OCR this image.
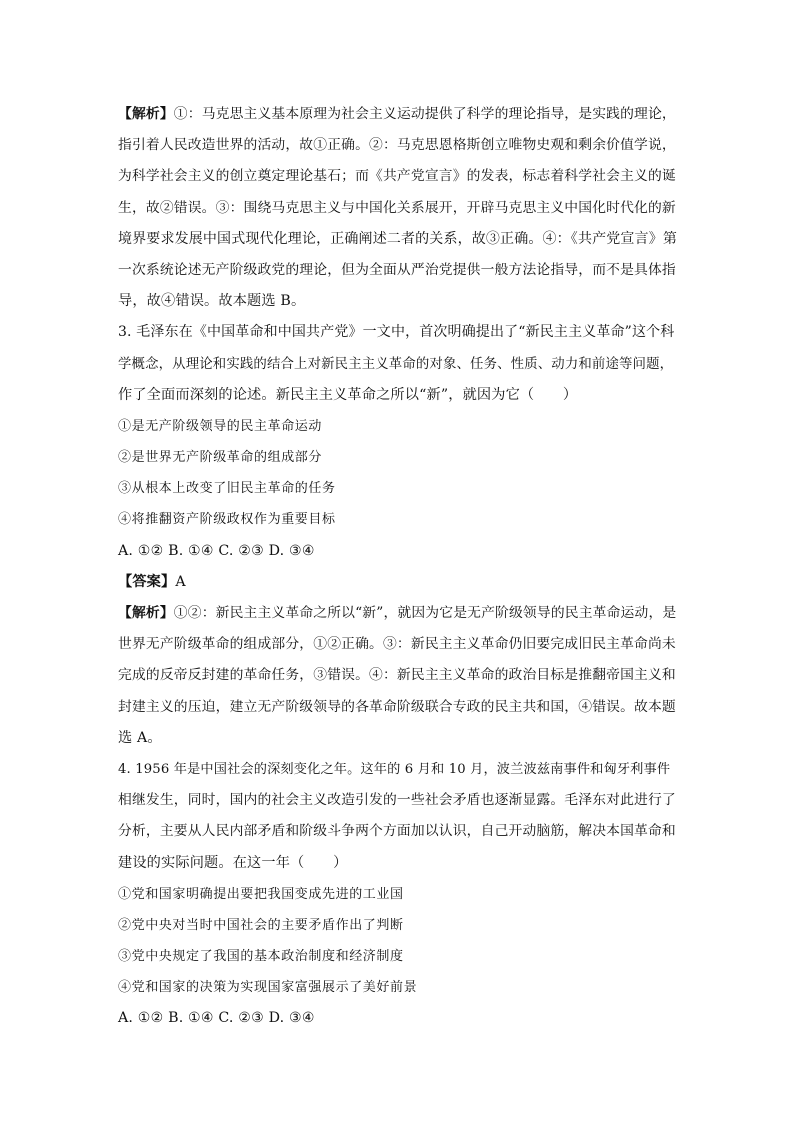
【解析】①：马克思主义基本原理为社会主义运动提供了科学的理论指导，是实践的理论，
指引着人民改造世界的活动，故①正确。②：马克思恩格斯创立唯物史观和剩余价值学说，
为科学社会主义的创立奠定理论基石；而《共产党宣言》的发表，标志着科学社会主义的诞
生，故②错误。③：围绕马克思主义与中国化关系展开，开辟马克思主义中国化时代化的新
境界要求发展中国式现代化理论，正确阐述二者的关系，故③正确。④：《共产党宣言》第
一次系统论述无产阶级政党的理论，但为全面从严治党提供一般方法论指导，而不是具体指
导，故④错误。故本题选 B。
3. 毛泽东在《中国革命和中国共产党》一文中，首次明确提出了“新民主主义革命”这个科
学概念，从理论和实践的结合上对新民主主义革命的对象、任务、性质、动力和前途等问题，
作了全面而深刻的论述。新民主主义革命之所以“新”，就因为它（　　）
①是无产阶级领导的民主革命运动
②是世界无产阶级革命的组成部分
③从根本上改变了旧民主革命的任务
④将推翻资产阶级政权作为重要目标
A. ①② B. ①④ C. ②③ D. ③④
【答案】A
【解析】①②：新民主主义革命之所以“新”，就因为它是无产阶级领导的民主革命运动，是
世界无产阶级革命的组成部分，①②正确。③：新民主主义革命仍旧要完成旧民主革命尚未
完成的反帝反封建的革命任务，③错误。④：新民主主义革命的政治目标是推翻帝国主义和
封建主义的压迫，建立无产阶级领导的各革命阶级联合专政的民主共和国，④错误。故本题
选 A。
4. 1956 年是中国社会的深刻变化之年。这年的 6 月和 10 月，波兰波兹南事件和匈牙利事件
相继发生，同时，国内的社会主义改造引发的一些社会矛盾也逐渐显露。毛泽东对此进行了
分析，主要从人民内部矛盾和阶级斗争两个方面加以认识，自己开动脑筋，解决本国革命和
建设的实际问题。在这一年（　　）
①党和国家明确提出要把我国变成先进的工业国
②党中央对当时中国社会的主要矛盾作出了判断
③党中央规定了我国的基本政治制度和经济制度
④党和国家的决策为实现国家富强展示了美好前景
A. ①② B. ①④ C. ②③ D. ③④
